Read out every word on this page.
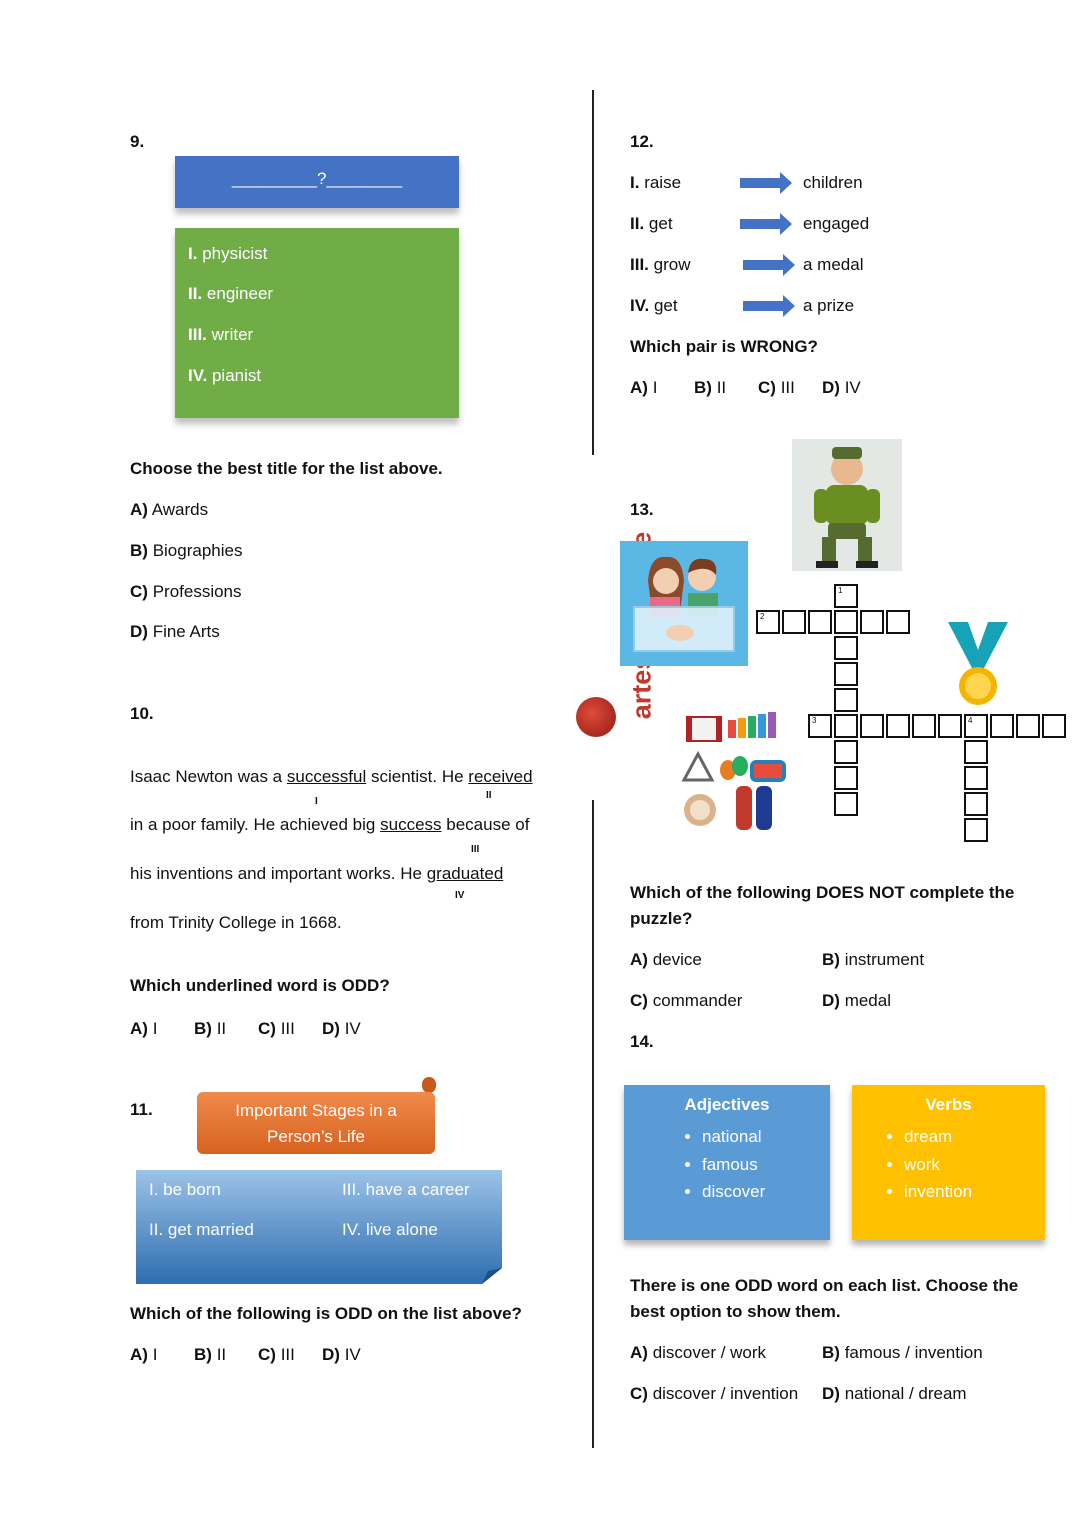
9.
_________?________
I. physicist
II. engineer
III. writer
IV. pianist
Choose the best title for the list above.
A) Awards
B) Biographies
C) Professions
D) Fine Arts
10.
Isaac Newton was a successful scientist. He received
I
II
in a poor family. He achieved big success because of
III
his inventions and important works. He graduated
IV
from Trinity College in 1668.
Which underlined word is ODD?
A) I B) II C) III D) IV
11.	Important Stages in a
Person’s Life
I. be born
II. get married
III. have a career
IV. live alone
Which of the following is ODD on the list above?
A) I B) II C) III D) IV
artest
12.
I. raise	children
II. get	engaged
III. grow	a medal
IV. get	a prize
Which pair is WRONG?
A) I B) II C) III D) IV
13.
1
2
3	4
Which of the following DOES NOT complete the
puzzle?
A) device	B) instrument
C) commander	D) medal
14.
Adjectives
• national
• famous
• discover
Verbs
• dream
• work
• invention
There is one ODD word on each list. Choose the
best option to show them.
A) discover / work	B) famous / invention
C) discover / invention D) national / dream
